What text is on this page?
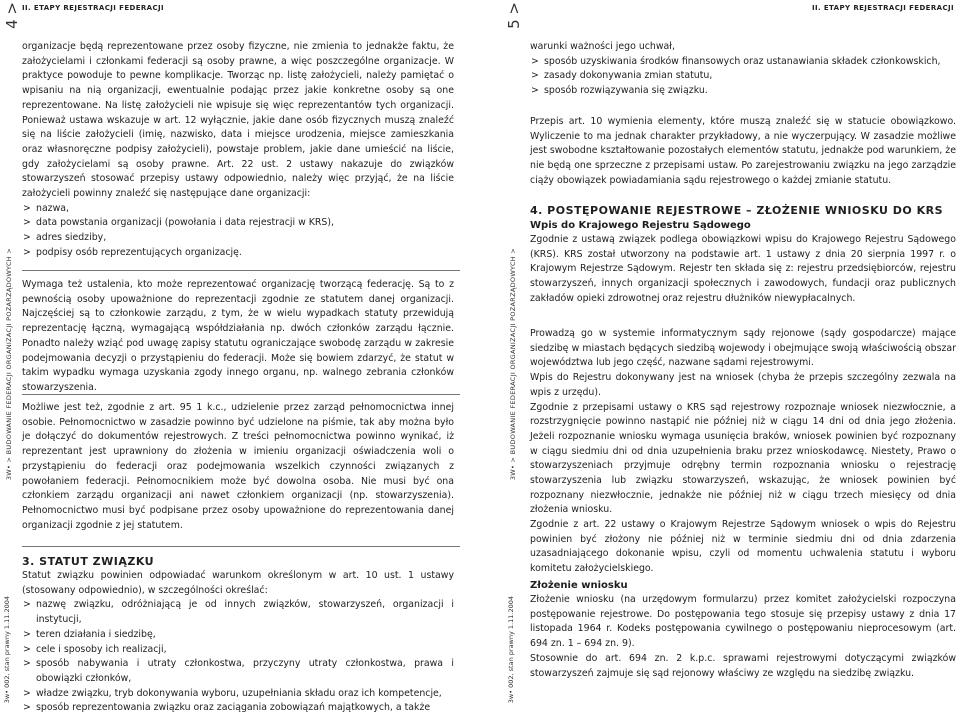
4 >
3W• > BUDOWANIE FEDERACJI ORGANIZACJI POZARZĄDOWYCH >
3w• 002, stan prawny 1.11.2004
II. ETAPY REJESTRACJI FEDERACJI

organizacje będą reprezentowane przez osoby fizyczne, nie zmienia to jednakże faktu, że założycielami i członkami federacji są osoby prawne, a więc poszczególne organizacje. W praktyce powoduje to pewne komplikacje. Tworząc np. listę założycieli, należy pamiętać o wpisaniu na nią organizacji, ewentualnie podając przez jakie konkretne osoby są one reprezentowane. Na listę założycieli nie wpisuje się więc reprezentantów tych organizacji. Ponieważ ustawa wskazuje w art. 12 wyłącznie, jakie dane osób fizycznych muszą znaleźć się na liście założycieli (imię, nazwisko, data i miejsce urodzenia, miejsce zamieszkania oraz własnoręczne podpisy założycieli), powstaje problem, jakie dane umieścić na liście, gdy założycielami są osoby prawne. Art. 22 ust. 2 ustawy nakazuje do związków stowarzyszeń stosować przepisy ustawy odpowiednio, należy więc przyjąć, że na liście założycieli powinny znaleźć się następujące dane organizacji:

> nazwa,
> data powstania organizacji (powołania i data rejestracji w KRS),
> adres siedziby,
> podpisy osób reprezentujących organizację.

Wymaga też ustalenia, kto może reprezentować organizację tworzącą federację. Są to z pewnością osoby upoważnione do reprezentacji zgodnie ze statutem danej organizacji. Najczęściej są to członkowie zarządu, z tym, że w wielu wypadkach statuty przewidują reprezentację łączną, wymagającą współdziałania np. dwóch członków zarządu łącznie. Ponadto należy wziąć pod uwagę zapisy statutu ograniczające swobodę zarządu w zakresie podejmowania decyzji o przystąpieniu do federacji. Może się bowiem zdarzyć, że statut w takim wypadku wymaga uzyskania zgody innego organu, np. walnego zebrania członków stowarzyszenia.

Możliwe jest też, zgodnie z art. 95 1 k.c., udzielenie przez zarząd pełnomocnictwa innej osobie. Pełnomocnictwo w zasadzie powinno być udzielone na piśmie, tak aby można było je dołączyć do dokumentów rejestrowych. Z treści pełnomocnictwa powinno wynikać, iż reprezentant jest uprawniony do złożenia w imieniu organizacji oświadczenia woli o przystąpieniu do federacji oraz podejmowania wszelkich czynności związanych z powołaniem federacji. Pełnomocnikiem może być dowolna osoba. Nie musi być ona członkiem zarządu organizacji ani nawet członkiem organizacji (np. stowarzyszenia). Pełnomocnictwo musi być podpisane przez osoby upoważnione do reprezentowania danej organizacji zgodnie z jej statutem.

3. STATUT ZWIĄZKU

Statut związku powinien odpowiadać warunkom określonym w art. 10 ust. 1 ustawy (stosowany odpowiednio), w szczególności określać:

> nazwę związku, odróżniającą je od innych związków, stowarzyszeń, organizacji i instytucji,
> teren działania i siedzibę,
> cele i sposoby ich realizacji,
> sposób nabywania i utraty członkostwa, przyczyny utraty członkostwa, prawa i obowiązki członków,
> władze związku, tryb dokonywania wyboru, uzupełniania składu oraz ich kompetencje,
> sposób reprezentowania związku oraz zaciągania zobowiązań majątkowych, a także
5 >
3W• > BUDOWANIE FEDERACJI ORGANIZACJI POZARZĄDOWYCH >
3w• 002, stan prawny 1.11.2004
II. ETAPY REJESTRACJI FEDERACJI

warunki ważności jego uchwał,

> sposób uzyskiwania środków finansowych oraz ustanawiania składek członkowskich,
> zasady dokonywania zmian statutu,
> sposób rozwiązywania się związku.

Przepis art. 10 wymienia elementy, które muszą znaleźć się w statucie obowiązkowo. Wyliczenie to ma jednak charakter przykładowy, a nie wyczerpujący. W zasadzie możliwe jest swobodne kształtowanie pozostałych elementów statutu, jednakże pod warunkiem, że nie będą one sprzeczne z przepisami ustaw. Po zarejestrowaniu związku na jego zarządzie ciąży obowiązek powiadamiania sądu rejestrowego o każdej zmianie statutu.

4. POSTĘPOWANIE REJESTROWE – ZŁOŻENIE WNIOSKU DO KRS

Wpis do Krajowego Rejestru Sądowego

Zgodnie z ustawą związek podlega obowiązkowi wpisu do Krajowego Rejestru Sądowego (KRS). KRS został utworzony na podstawie art. 1 ustawy z dnia 20 sierpnia 1997 r. o Krajowym Rejestrze Sądowym. Rejestr ten składa się z: rejestru przedsiębiorców, rejestru stowarzyszeń, innych organizacji społecznych i zawodowych, fundacji oraz publicznych zakładów opieki zdrowotnej oraz rejestru dłużników niewypłacalnych.

Prowadzą go w systemie informatycznym sądy rejonowe (sądy gospodarcze) mające siedzibę w miastach będących siedzibą wojewody i obejmujące swoją właściwością obszar województwa lub jego część, nazwane sądami rejestrowymi.

Wpis do Rejestru dokonywany jest na wniosek (chyba że przepis szczególny zezwala na wpis z urzędu).

Zgodnie z przepisami ustawy o KRS sąd rejestrowy rozpoznaje wniosek niezwłocznie, a rozstrzygnięcie powinno nastąpić nie później niż w ciągu 14 dni od dnia jego złożenia. Jeżeli rozpoznanie wniosku wymaga usunięcia braków, wniosek powinien być rozpoznany w ciągu siedmiu dni od dnia uzupełnienia braku przez wnioskodawcę. Niestety, Prawo o stowarzyszeniach przyjmuje odrębny termin rozpoznania wniosku o rejestrację stowarzyszenia lub związku stowarzyszeń, wskazując, że wniosek powinien być rozpoznany niezwłocznie, jednakże nie później niż w ciągu trzech miesięcy od dnia złożenia wniosku.

Zgodnie z art. 22 ustawy o Krajowym Rejestrze Sądowym wniosek o wpis do Rejestru powinien być złożony nie później niż w terminie siedmiu dni od dnia zdarzenia uzasadniającego dokonanie wpisu, czyli od momentu uchwalenia statutu i wyboru komitetu założycielskiego.

Złożenie wniosku

Złożenie wniosku (na urzędowym formularzu) przez komitet założycielski rozpoczyna postępowanie rejestrowe. Do postępowania tego stosuje się przepisy ustawy z dnia 17 listopada 1964 r. Kodeks postępowania cywilnego o postępowaniu nieprocesowym (art. 694 zn. 1 – 694 zn. 9).

Stosownie do art. 694 zn. 2 k.p.c. sprawami rejestrowymi dotyczącymi związków stowarzyszeń zajmuje się sąd rejonowy właściwy ze względu na siedzibę związku.
